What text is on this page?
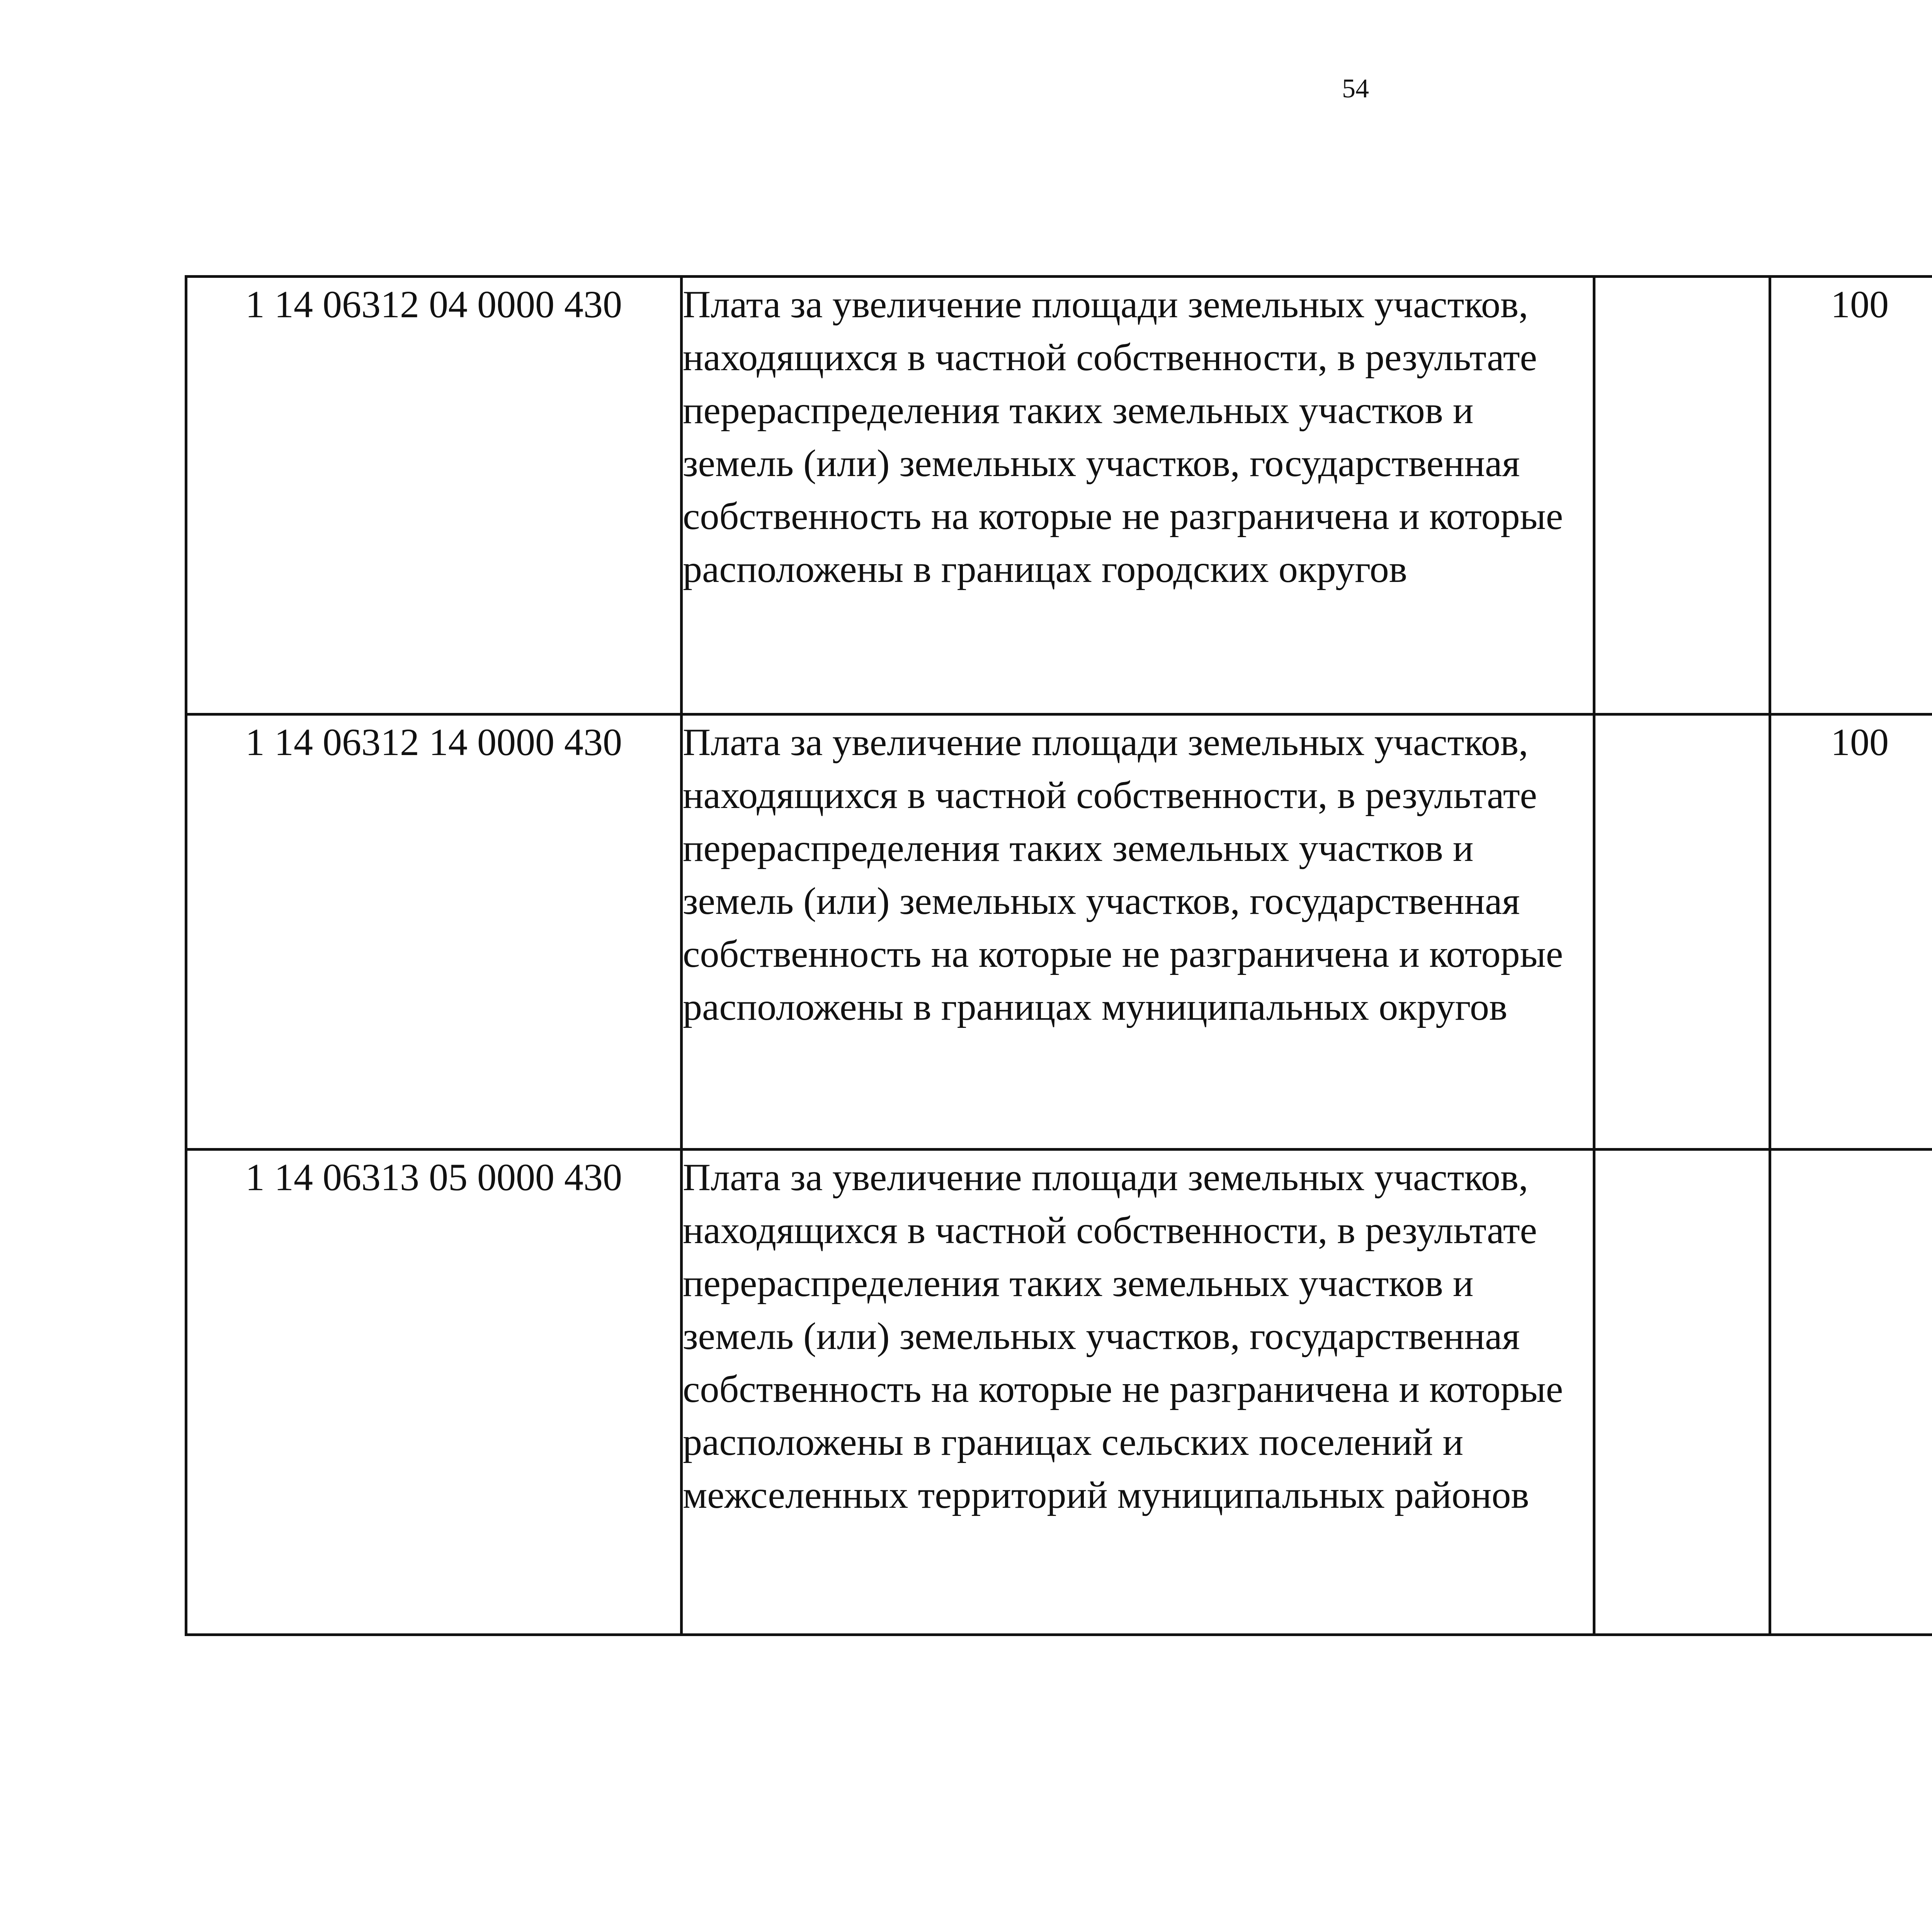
54
1 14 06312 04 0000 430	Плата за увеличение площади земельных участков, находящихся в частной собственности, в результате перераспределения таких земельных участков и земель (или) земельных участков, государственная собственность на которые не разграничена и которые расположены в границах городских округов		100			
1 14 06312 14 0000 430	Плата за увеличение площади земельных участков, находящихся в частной собственности, в результате перераспределения таких земельных участков и земель (или) земельных участков, государственная собственность на которые не разграничена и которые расположены в границах муниципальных округов		100			
1 14 06313 05 0000 430	Плата за увеличение площади земельных участков, находящихся в частной собственности, в результате перераспределения таких земельных участков и земель (или) земельных участков, государственная собственность на которые не разграничена и которые расположены в границах сельских поселений и межселенных территорий муниципальных районов					
